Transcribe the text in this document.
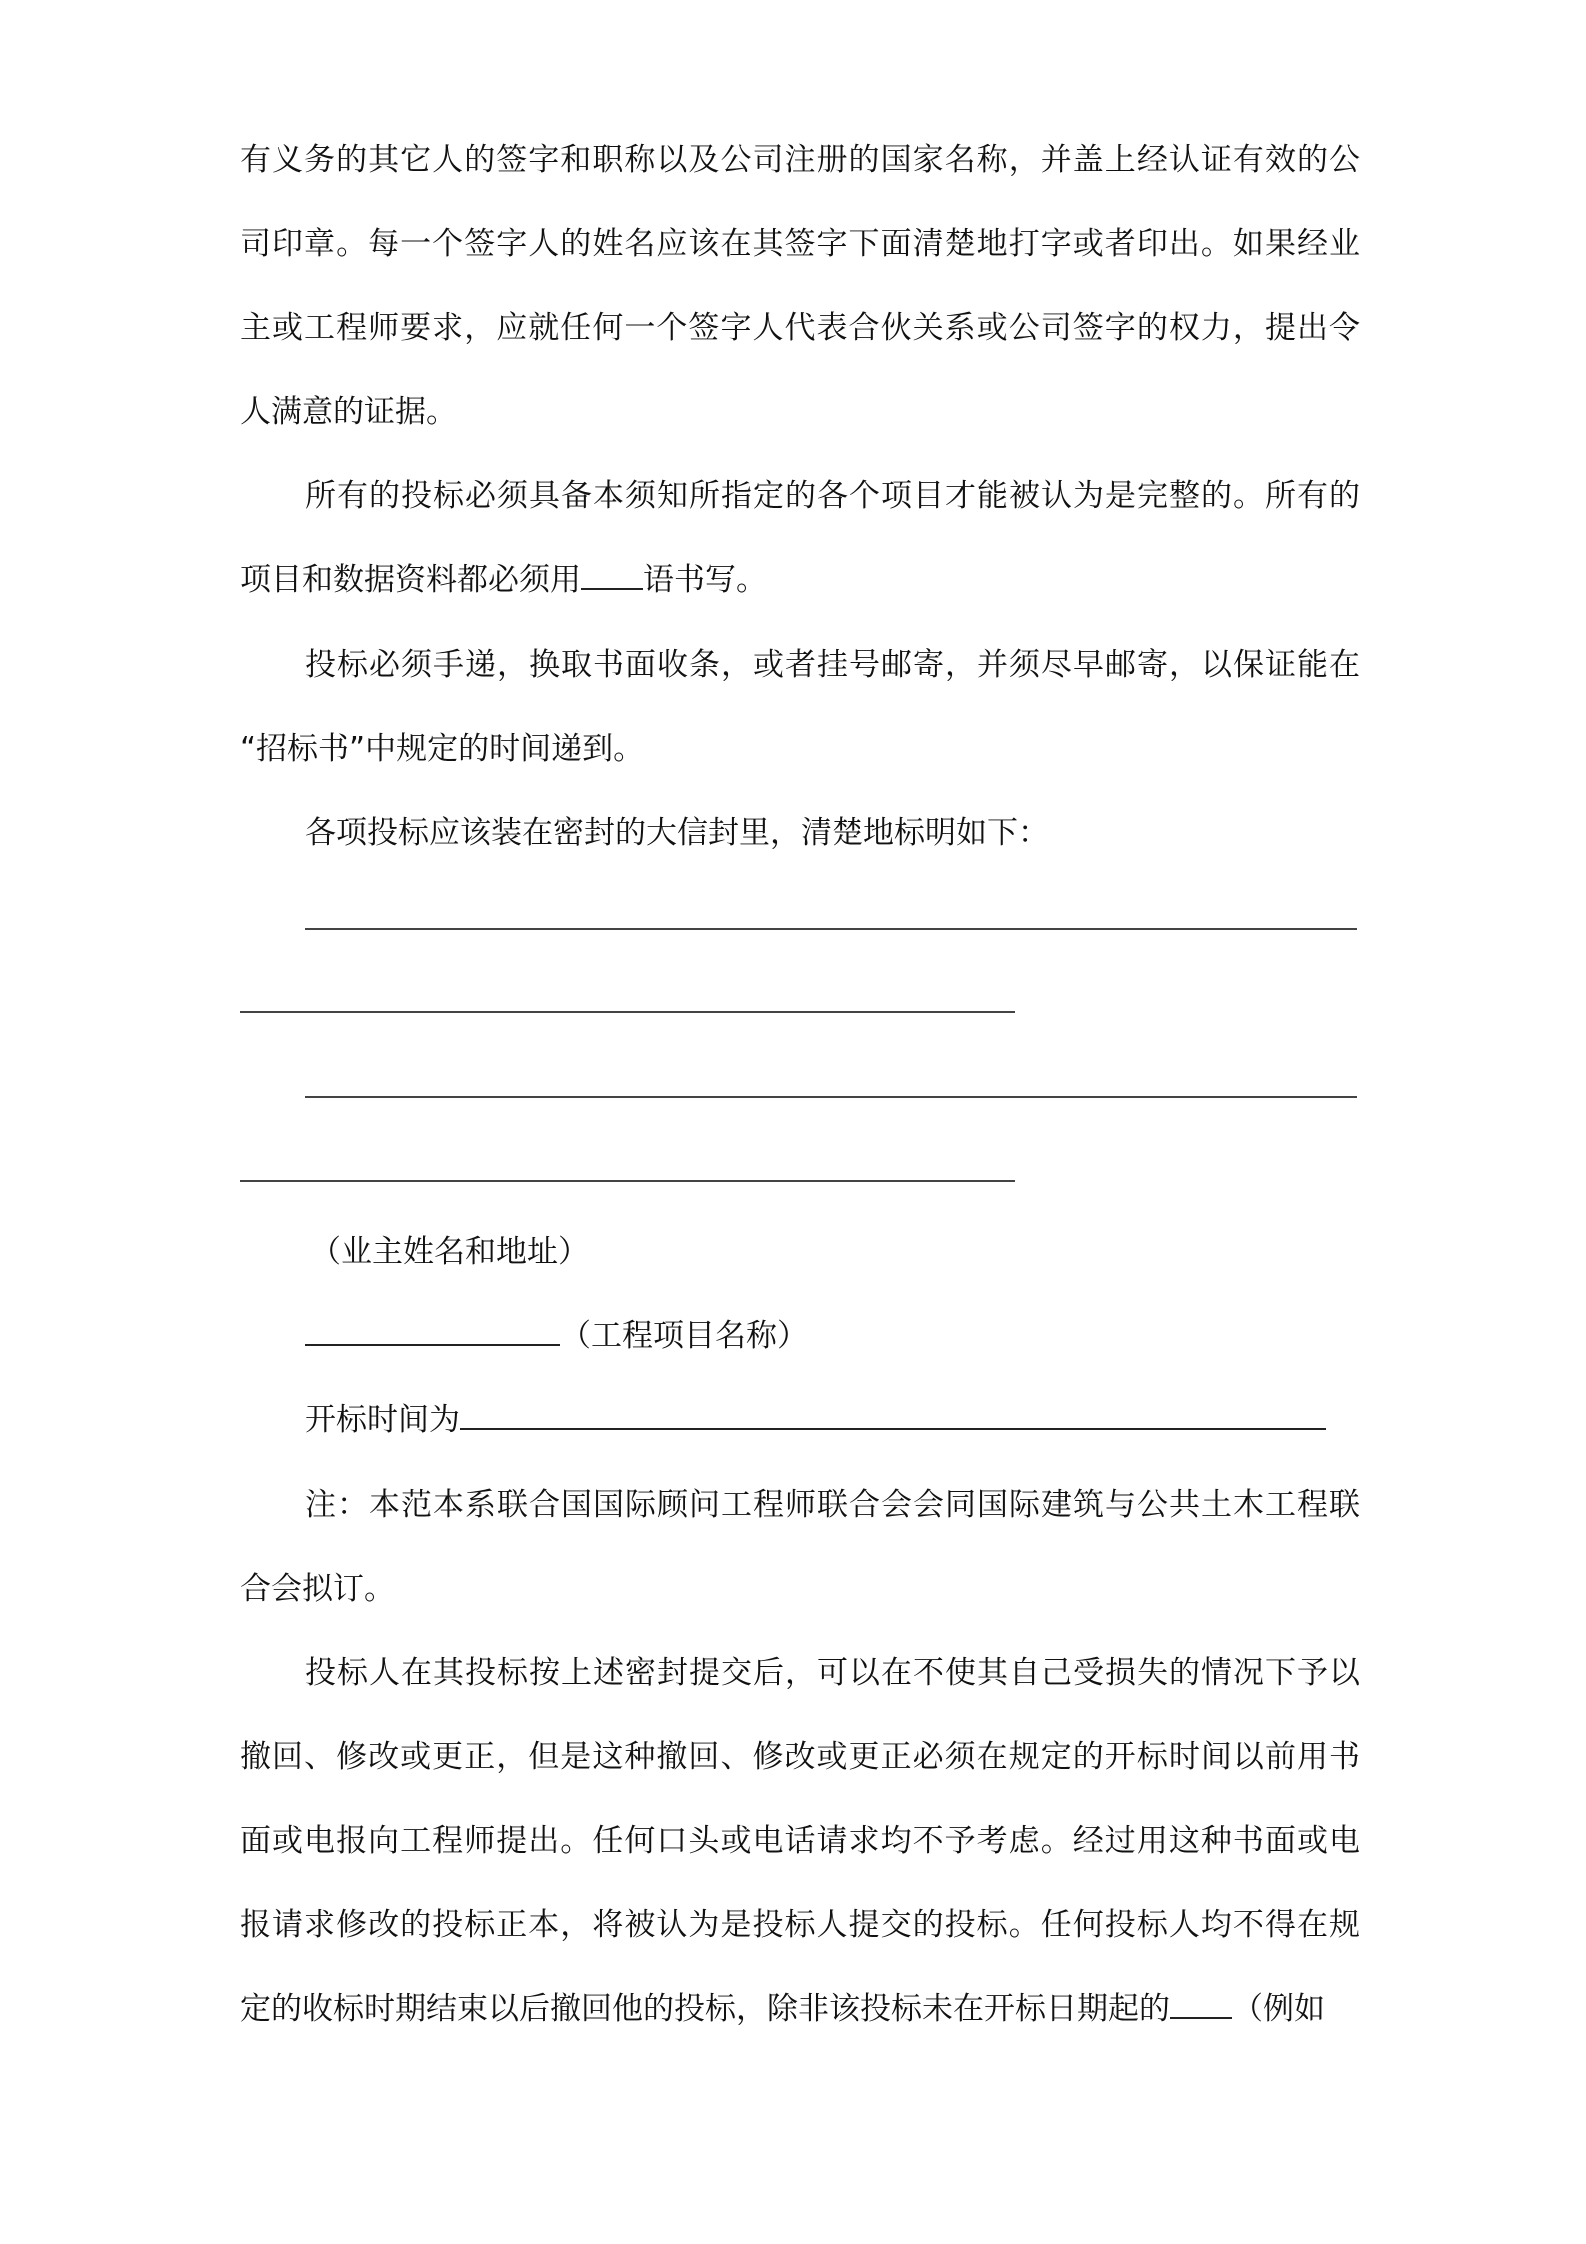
有义务的其它人的签字和职称以及公司注册的国家名称，并盖上经认证有效的公
司印章。每一个签字人的姓名应该在其签字下面清楚地打字或者印出。如果经业
主或工程师要求，应就任何一个签字人代表合伙关系或公司签字的权力，提出令
人满意的证据。
所有的投标必须具备本须知所指定的各个项目才能被认为是完整的。所有的
项目和数据资料都必须用 语书写。
投标必须手递，换取书面收条，或者挂号邮寄，并须尽早邮寄，以保证能在
“招标书”中规定的时间递到。
各项投标应该装在密封的大信封里，清楚地标明如下：
（业主姓名和地址）
（工程项目名称）
开标时间为
注：本范本系联合国国际顾问工程师联合会会同国际建筑与公共土木工程联
合会拟订。
投标人在其投标按上述密封提交后，可以在不使其自己受损失的情况下予以
撤回、修改或更正，但是这种撤回、修改或更正必须在规定的开标时间以前用书
面或电报向工程师提出。任何口头或电话请求均不予考虑。经过用这种书面或电
报请求修改的投标正本，将被认为是投标人提交的投标。任何投标人均不得在规
定的收标时期结束以后撤回他的投标，除非该投标未在开标日期起的 （例如
